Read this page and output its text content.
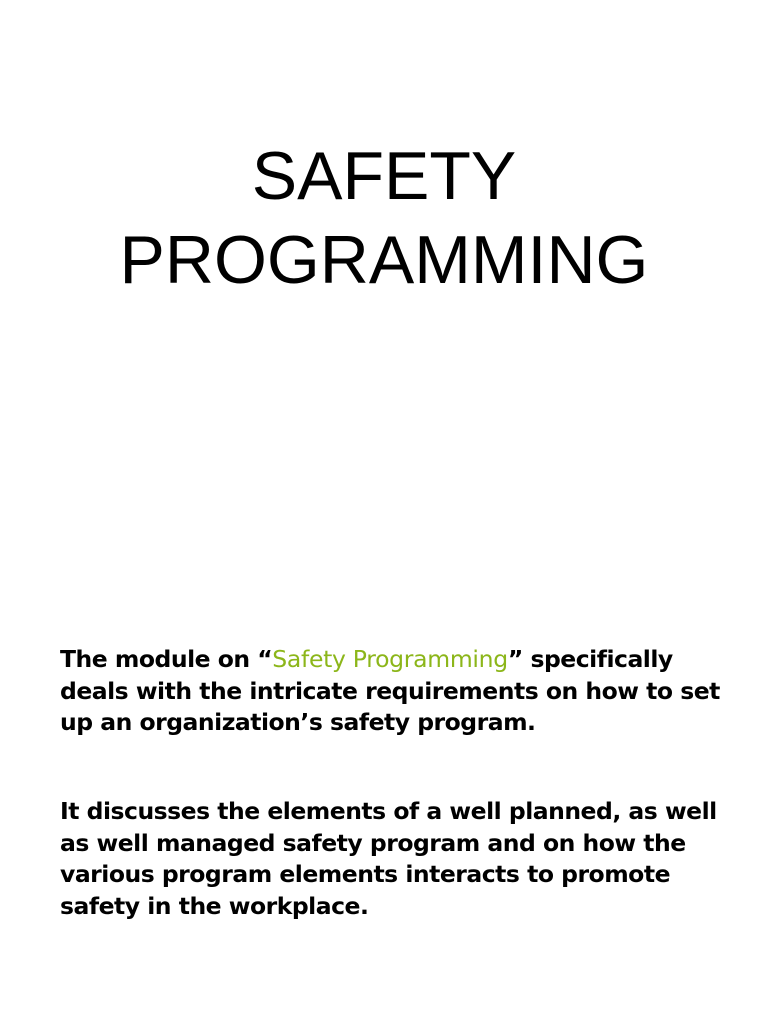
SAFETY
PROGRAMMING

The module on “Safety Programming” specifically
deals with the intricate requirements on how to set
up an organization’s safety program.

It discusses the elements of a well planned, as well
as well managed safety program and on how the
various program elements interacts to promote
safety in the workplace.
